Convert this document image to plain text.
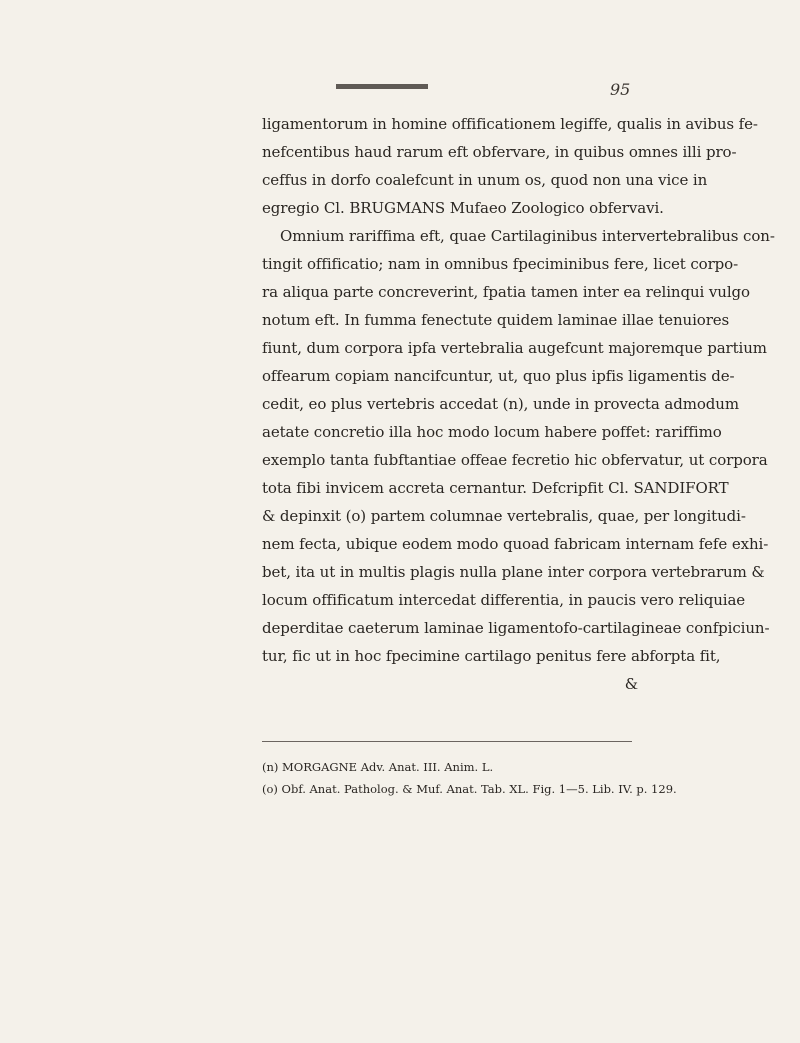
95
ligamentorum in homine offificationem legiffe, qualis in avibus fe-
nefcentibus haud rarum eft obfervare, in quibus omnes illi pro-
ceffus in dorfo coalefcunt in unum os, quod non una vice in
egregio Cl. BRUGMANS Mufaeo Zoologico obfervavi.
Omnium rariffima eft, quae Cartilaginibus intervertebralibus con-
tingit offificatio; nam in omnibus fpeciminibus fere, licet corpo-
ra aliqua parte concreverint, fpatia tamen inter ea relinqui vulgo
notum eft. In fumma fenectute quidem laminae illae tenuiores
fiunt, dum corpora ipfa vertebralia augefcunt majoremque partium
offearum copiam nancifcuntur, ut, quo plus ipfis ligamentis de-
cedit, eo plus vertebris accedat (n), unde in provecta admodum
aetate concretio illa hoc modo locum habere poffet: rariffimo
exemplo tanta fubftantiae offeae fecretio hic obfervatur, ut corpora
tota fibi invicem accreta cernantur. Defcripfit Cl. SANDIFORT
& depinxit (o) partem columnae vertebralis, quae, per longitudi-
nem fecta, ubique eodem modo quoad fabricam internam fefe exhi-
bet, ita ut in multis plagis nulla plane inter corpora vertebrarum &
locum offificatum intercedat differentia, in paucis vero reliquiae
deperditae caeterum laminae ligamentofo-cartilagineae confpiciun-
tur, fic ut in hoc fpecimine cartilago penitus fere abforpta fit,
&
(n) MORGAGNE Adv. Anat. III. Anim. L.
(o) Obf. Anat. Patholog. & Muf. Anat. Tab. XL. Fig. 1—5. Lib. IV. p. 129.
